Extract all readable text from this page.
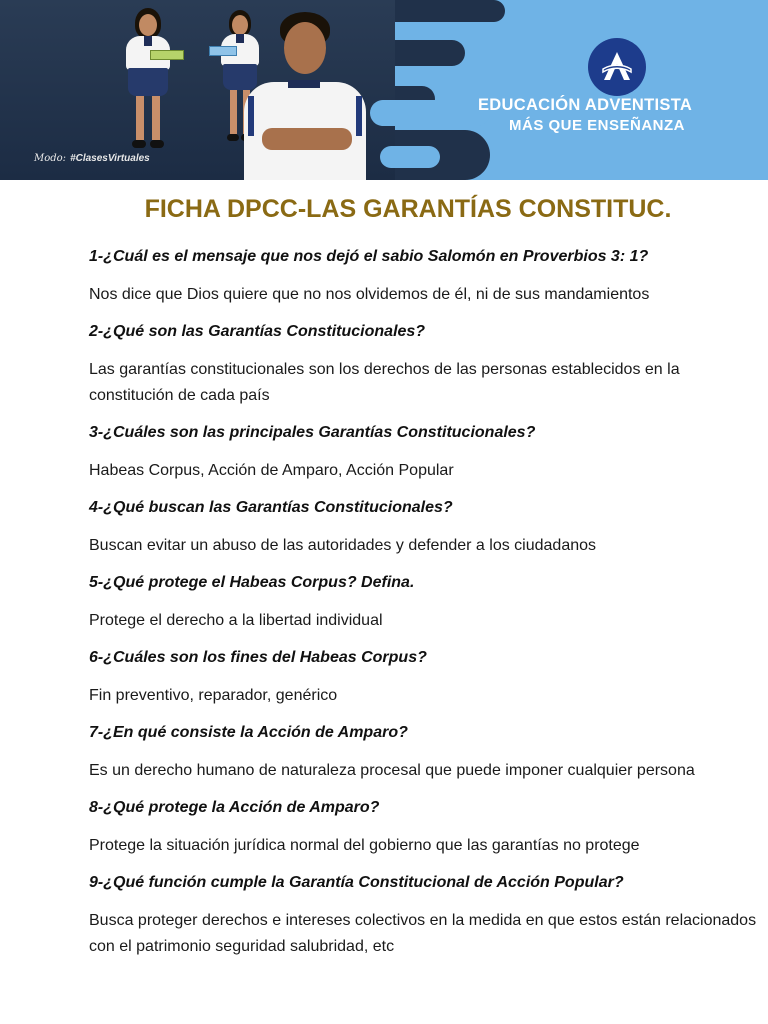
EDUCACIÓN ADVENTISTA
MÁS QUE ENSEÑANZA
Modo: #ClasesVirtuales
FICHA DPCC-LAS GARANTÍAS CONSTITUC.
1-¿Cuál es el mensaje que nos dejó el sabio Salomón en Proverbios 3: 1?
Nos dice que Dios quiere que no nos olvidemos de él, ni de sus mandamientos
2-¿Qué son las Garantías Constitucionales?
Las garantías constitucionales son los derechos de las personas establecidos en la constitución de cada país
3-¿Cuáles son las principales Garantías Constitucionales?
Habeas Corpus, Acción de Amparo, Acción Popular
4-¿Qué buscan las Garantías Constitucionales?
Buscan evitar un abuso de las autoridades y defender a los ciudadanos
5-¿Qué protege el Habeas Corpus? Defina.
Protege el derecho a la libertad individual
6-¿Cuáles son los fines del Habeas Corpus?
Fin preventivo, reparador, genérico
7-¿En qué consiste la Acción de Amparo?
Es un derecho humano de naturaleza procesal que puede imponer cualquier persona
8-¿Qué protege la Acción de Amparo?
Protege la situación jurídica normal del gobierno que las garantías no protege
9-¿Qué función cumple la Garantía Constitucional de Acción Popular?
Busca proteger derechos e intereses colectivos en la medida en que estos están relacionados con el patrimonio seguridad salubridad, etc
